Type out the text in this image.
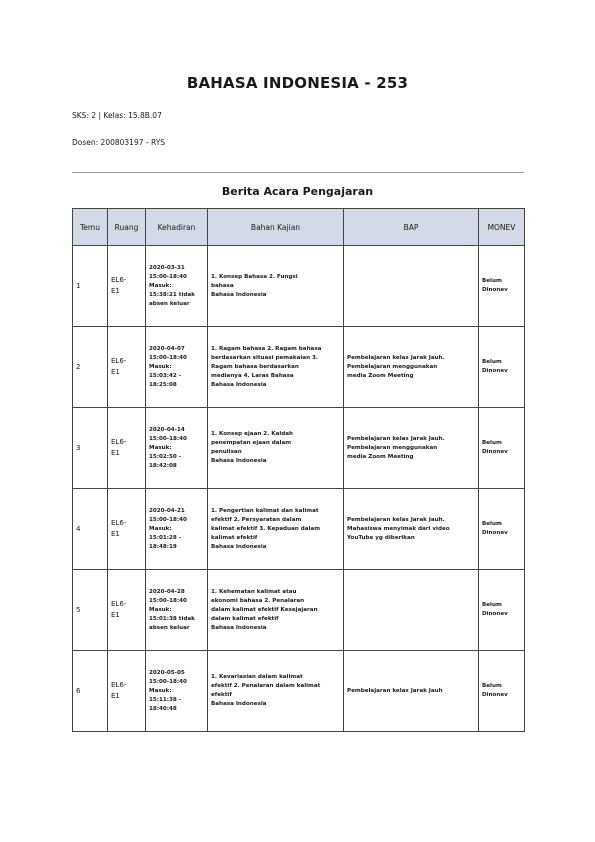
BAHASA INDONESIA - 253
SKS: 2 | Kelas: 15.8B.07
Dosen: 200803197 - RYS
Berita Acara Pengajaran
Temu	Ruang	Kehadiran	Bahan Kajian	BAP	MONEV
1	EL6-
E1	2020-03-31
15:00-18:40
Masuk:
15:38:21 tidak
absen keluar	1. Konsep Bahasa 2. Fungsi
bahasa
Bahasa Indonesia		Belum
Dinonev
2	EL6-
E1	2020-04-07
15:00-18:40
Masuk:
15:03:42 -
18:25:08	1. Ragam bahasa 2. Ragam bahasa
berdasarkan situasi pemakaian 3.
Ragam bahasa berdasarkan
medianya 4. Laras Bahasa
Bahasa Indonesia	Pembelajaran kelas Jarak Jauh.
Pembelajaran menggunakan
media Zoom Meeting	Belum
Dinonev
3	EL6-
E1	2020-04-14
15:00-18:40
Masuk:
15:02:50 -
18:42:08	1. Konsep ejaan 2. Kaidah
penempatan ejaan dalam
penulisan
Bahasa Indonesia	Pembelajaran kelas Jarak Jauh.
Pembelajaran menggunakan
media Zoom Meeting	Belum
Dinonev
4	EL6-
E1	2020-04-21
15:00-18:40
Masuk:
15:01:28 -
18:48:19	1. Pengertian kalimat dan kalimat
efektif 2. Persyaratan dalam
kalimat efektif 3. Kepaduan dalam
kalimat efektif
Bahasa Indonesia	Pembelajaran kelas Jarak Jauh.
Mahasiswa menyimak dari video
YouTube yg diberikan	Belum
Dinonev
5	EL6-
E1	2020-04-28
15:00-18:40
Masuk:
15:01:38 tidak
absen keluar	1. Kehematan kalimat atau
ekonomi bahasa 2. Penalaran
dalam kalimat efektif Kesejajaran
dalam kalimat efektif
Bahasa Indonesia		Belum
Dinonev
6	EL6-
E1	2020-05-05
15:00-18:40
Masuk:
15:11:38 -
18:40:48	1. Kevariasian dalam kalimat
efektif 2. Penalaran dalam kalimat
efektif
Bahasa Indonesia	Pembelajaran kelas Jarak Jauh	Belum
Dinonev
